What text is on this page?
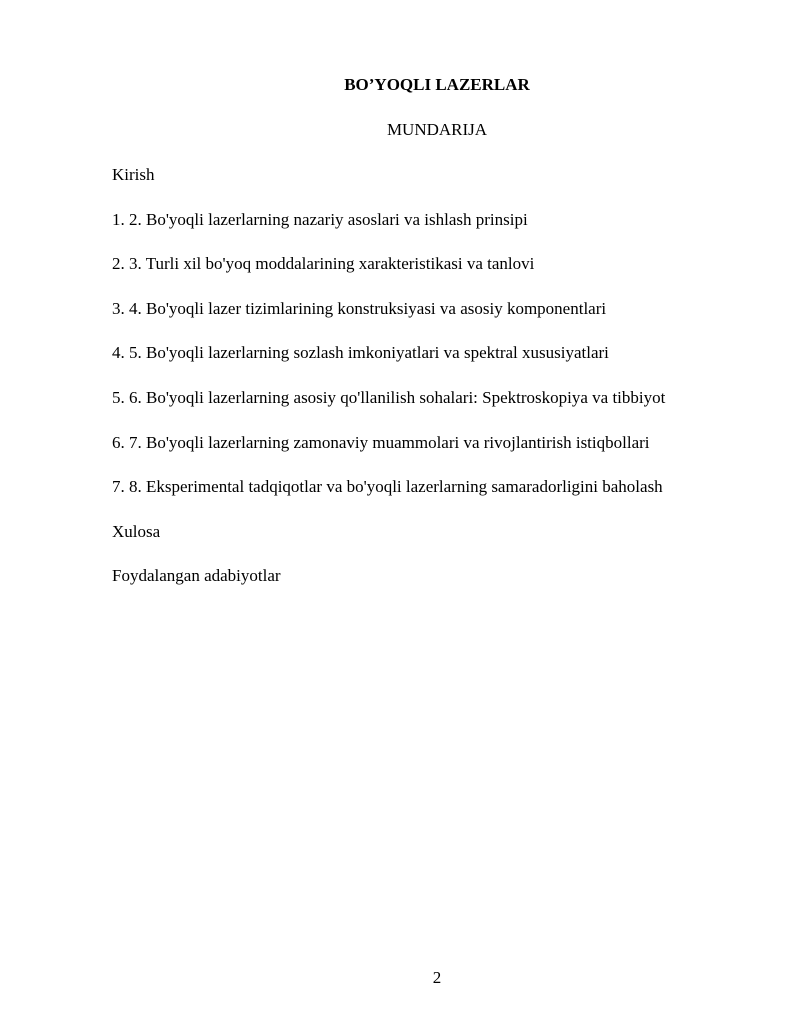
BO’YOQLI LAZERLAR
MUNDARIJA
Kirish
1. 2. Bo'yoqli lazerlarning nazariy asoslari va ishlash prinsipi
2. 3. Turli xil bo'yoq moddalarining xarakteristikasi va tanlovi
3. 4. Bo'yoqli lazer tizimlarining konstruksiyasi va asosiy komponentlari
4. 5. Bo'yoqli lazerlarning sozlash imkoniyatlari va spektral xususiyatlari
5. 6. Bo'yoqli lazerlarning asosiy qo'llanilish sohalari: Spektroskopiya va tibbiyot
6. 7. Bo'yoqli lazerlarning zamonaviy muammolari va rivojlantirish istiqbollari
7. 8. Eksperimental tadqiqotlar va bo'yoqli lazerlarning samaradorligini baholash
Xulosa
Foydalangan adabiyotlar
2
